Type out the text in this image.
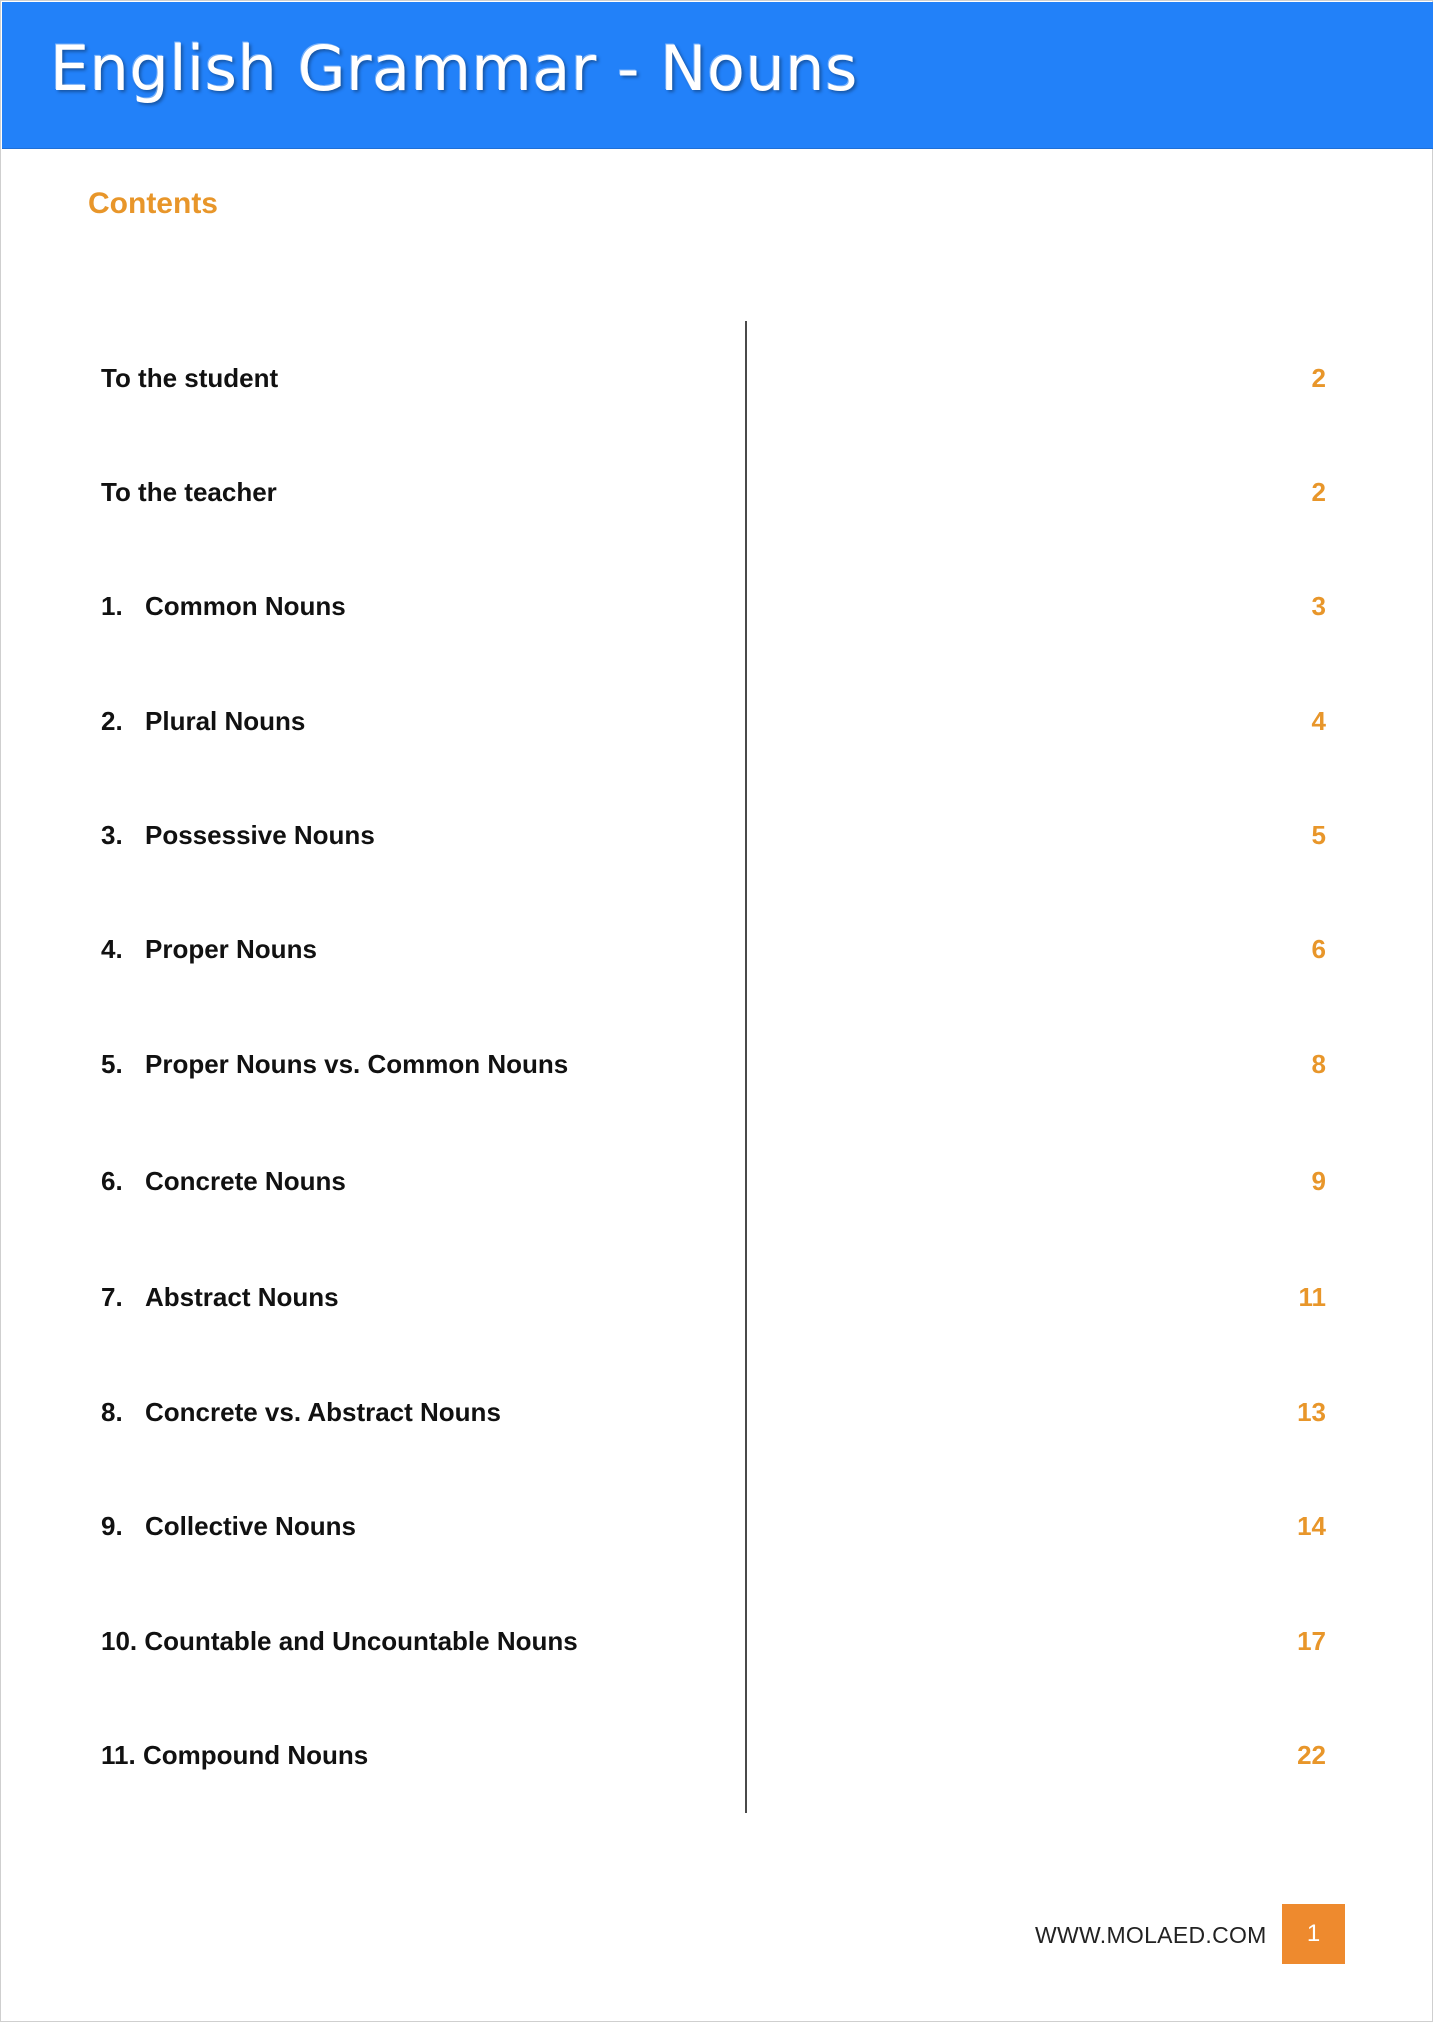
English Grammar - Nouns
Contents
To the student	2
To the teacher	2
1. Common Nouns	3
2. Plural Nouns	4
3. Possessive Nouns	5
4. Proper Nouns	6
5. Proper Nouns vs. Common Nouns	8
6. Concrete Nouns	9
7. Abstract Nouns	11
8. Concrete vs. Abstract Nouns	13
9. Collective Nouns	14
10. Countable and Uncountable Nouns	17
11. Compound Nouns	22
WWW.MOLAED.COM	1
